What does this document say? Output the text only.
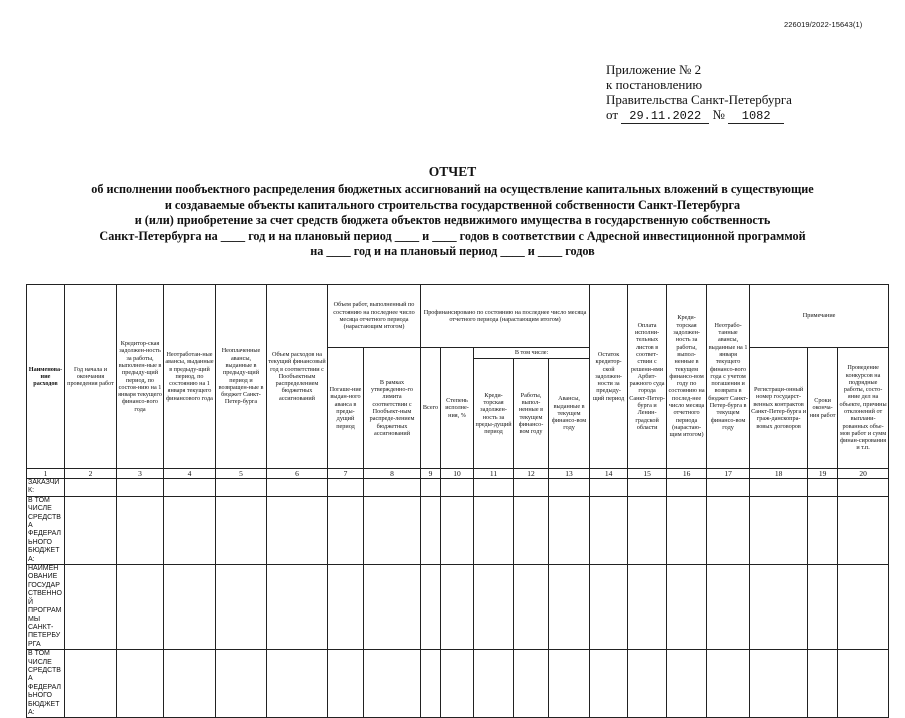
226019/2022-15643(1)
Приложение № 2
к постановлению
Правительства Санкт-Петербурга
от 29.11.2022 № 1082
ОТЧЕТ
об исполнении пообъектного распределения бюджетных ассигнований на осуществление капитальных вложений в существующие
и создаваемые объекты капитального строительства государственной собственности Санкт-Петербурга
и (или) приобретение за счет средств бюджета объектов недвижимого имущества в государственную собственность
Санкт-Петербурга на ____ год и на плановый период ____ и ____ годов в соответствии с Адресной инвестиционной программой
на ____ год и на плановый период ____ и ____ годов
Наименова-ние расходов	Год начала и окончания проведения работ	Кредитор-ская задолжен-ность за работы, выполнен-ные в предыду-щий период, по состоя-нию на 1 января текущего финансо-вого года	Неотработан-ные авансы, выданные в предыду-щий период, по состоянию на 1 января текущего финансового года	Неоплаченные авансы, выданные в предыду-щий период и возвращен-ные в бюджет Санкт-Петер-бурга	Объем расходов на текущий финансовый год в соответствии с Пообъектным распределением бюджетных ассигнований	Объем работ, выполненный по состоянию на последнее число месяца отчетного периода (нарастающим итогом)		Профинансировано по состоянию на последнее число месяца отчетного периода (нарастающим итогом)					Остаток кредитор-ской задолжен-ности за предыду-щий период	Оплата исполни-тельных листов в соответ-ствии с решени-ями Арбит-ражного суда города Санкт-Петер-бурга и Ленин-градской области	Креди-торская задолжен-ность за работы, выпол-ненные в текущем финансо-вом году по состоянию на послед-нее число месяца отчетного периода (нарастаю-щим итогом)	Неотрабо-танные авансы, выданные на 1 января текущего финансо-вого года с учетом погашения и возврата в бюджет Санкт-Петер-бурга в текущем финансо-вом году	Примечание		
						Погаше-ние выдан-ного аванса в преды-дущий период	В рамках утвержденно-го лимита соответствии с Пообъект-ным распреде-лением бюджетных ассигнований	Всего	Степень исполне-ния, %	В том числе:							Регистраци-онный номер государст-венных контрактов Санкт-Петер-бурга и граж-данскопра-вовых договоров	Сроки оконча-ния работ	Проведение конкурсов на подрядные работы, состо-яние дел на объекте, причины отклонений от выплани-рованных объе-мов работ и сумм финан-сирования и т.п.
										Креди-торская задолжен-ность за преды-дущий период	Работы, выпол-ненные в текущем финансо-вом году	Авансы, выданные в текущем финансо-вом году							
1	2	3	4	5	6	7	8	9	10	11	12	13	14	15	16	17	18	19	20
ЗАКАЗЧИК:																			
В ТОМ ЧИСЛЕ СРЕДСТВА ФЕДЕРАЛЬНОГО БЮДЖЕТА:																			
НАИМЕНОВАНИЕ ГОСУДАРСТВЕННОЙ ПРОГРАММЫ САНКТ-ПЕТЕРБУРГА																			
В ТОМ ЧИСЛЕ СРЕДСТВА ФЕДЕРАЛЬНОГО БЮДЖЕТА:																			
